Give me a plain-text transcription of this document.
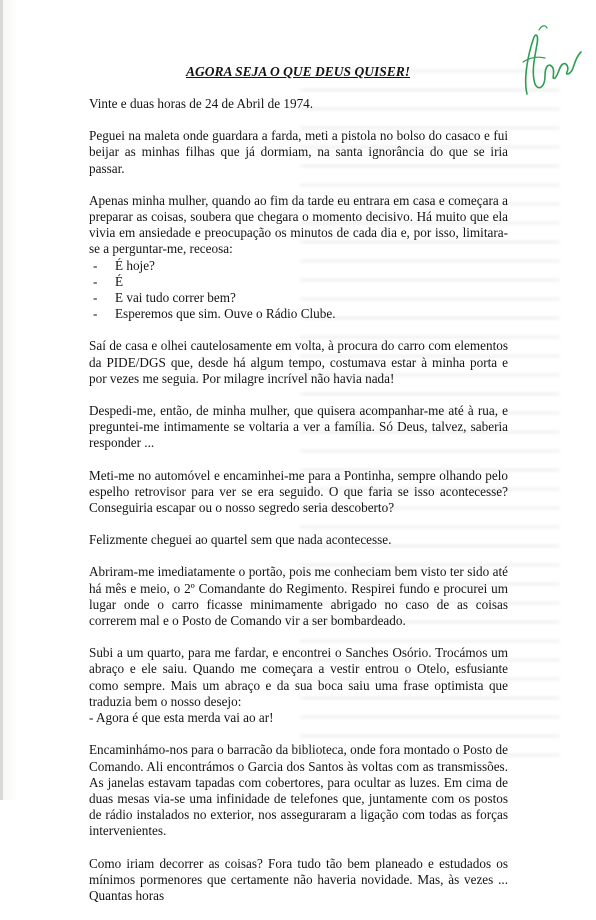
AGORA SEJA O QUE DEUS QUISER!

Vinte e duas horas de 24 de Abril de 1974.

Peguei na maleta onde guardara a farda, meti a pistola no bolso do casaco e fui beijar as minhas filhas que já dormiam, na santa ignorância do que se iria passar.

Apenas minha mulher, quando ao fim da tarde eu entrara em casa e começara a preparar as coisas, soubera que chegara o momento decisivo. Há muito que ela vivia em ansiedade e preocupação os minutos de cada dia e, por isso, limitara-se a perguntar-me, receosa:

- É hoje?
- É
- E vai tudo correr bem?
- Esperemos que sim. Ouve o Rádio Clube.

Saí de casa e olhei cautelosamente em volta, à procura do carro com elementos da PIDE/DGS que, desde há algum tempo, costumava estar à minha porta e por vezes me seguia. Por milagre incrível não havia nada!

Despedi-me, então, de minha mulher, que quisera acompanhar-me até à rua, e preguntei-me intimamente se voltaria a ver a família. Só Deus, talvez, saberia responder ...

Meti-me no automóvel e encaminhei-me para a Pontinha, sempre olhando pelo espelho retrovisor para ver se era seguido. O que faria se isso acontecesse? Conseguiria escapar ou o nosso segredo seria descoberto?

Felizmente cheguei ao quartel sem que nada acontecesse.

Abriram-me imediatamente o portão, pois me conheciam bem visto ter sido até há mês e meio, o 2º Comandante do Regimento. Respirei fundo e procurei um lugar onde o carro ficasse minimamente abrigado no caso de as coisas correrem mal e o Posto de Comando vir a ser bombardeado.

Subi a um quarto, para me fardar, e encontrei o Sanches Osório. Trocámos um abraço e ele saiu. Quando me começara a vestir entrou o Otelo, esfusiante como sempre. Mais um abraço e da sua boca saiu uma frase optimista que traduzia bem o nosso desejo:

- Agora é que esta merda vai ao ar!

Encaminhámo-nos para o barracão da biblioteca, onde fora montado o Posto de Comando. Ali encontrámos o Garcia dos Santos às voltas com as transmissões. As janelas estavam tapadas com cobertores, para ocultar as luzes. Em cima de duas mesas via-se uma infinidade de telefones que, juntamente com os postos de rádio instalados no exterior, nos asseguraram a ligação com todas as forças intervenientes.

Como iriam decorrer as coisas? Fora tudo tão bem planeado e estudados os mínimos pormenores que certamente não haveria novidade. Mas, às vezes ... Quantas horas
